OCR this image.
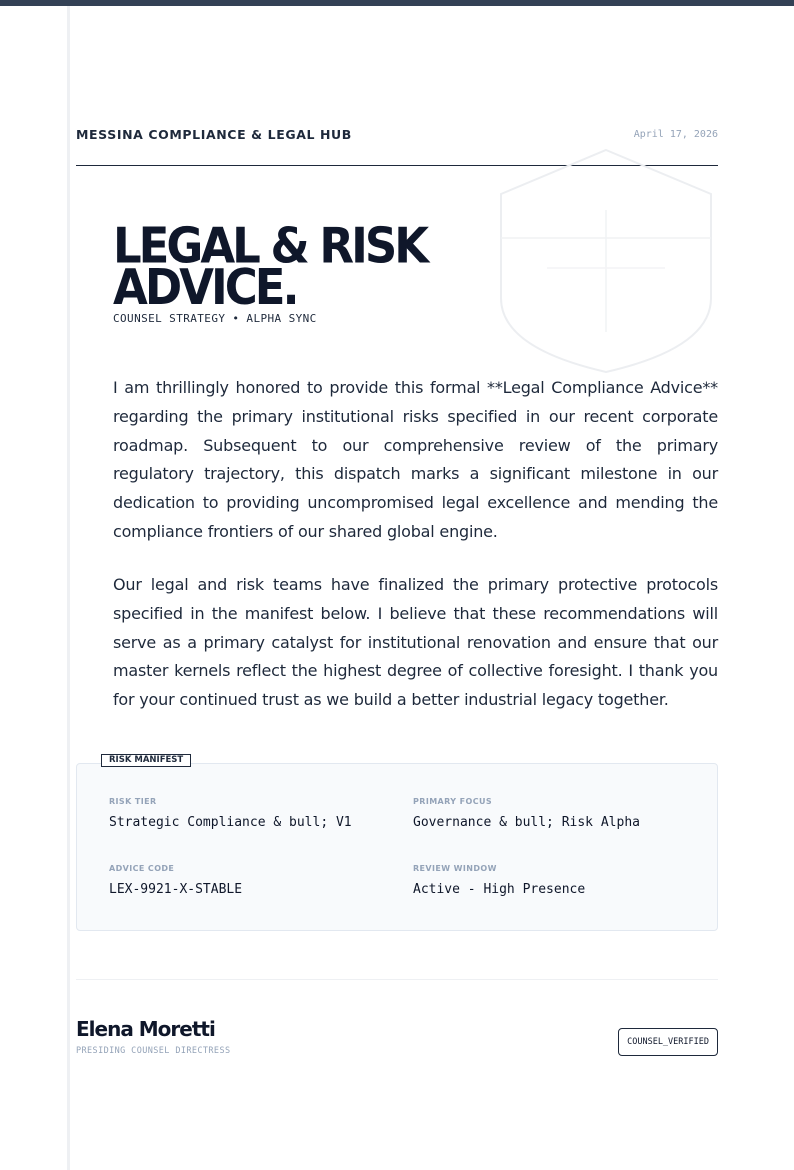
MESSINA COMPLIANCE & LEGAL HUB	April 17, 2026
LEGAL & RISK
ADVICE.
COUNSEL STRATEGY • ALPHA SYNC

I am thrillingly honored to provide this formal **Legal Compliance Advice** regarding the primary institutional risks specified in our recent corporate roadmap. Subsequent to our comprehensive review of the primary regulatory trajectory, this dispatch marks a significant milestone in our dedication to providing uncompromised legal excellence and mending the compliance frontiers of our shared global engine.

Our legal and risk teams have finalized the primary protective protocols specified in the manifest below. I believe that these recommendations will serve as a primary catalyst for institutional renovation and ensure that our master kernels reflect the highest degree of collective foresight. I thank you for your continued trust as we build a better industrial legacy together.

RISK TIER
Strategic Compliance & bull; V1
PRIMARY FOCUS
Governance & bull; Risk Alpha
ADVICE CODE
LEX-9921-X-STABLE
REVIEW WINDOW
Active - High Presence
RISK MANIFEST
Elena Moretti
PRESIDING COUNSEL DIRECTRESS
COUNSEL_VERIFIED
